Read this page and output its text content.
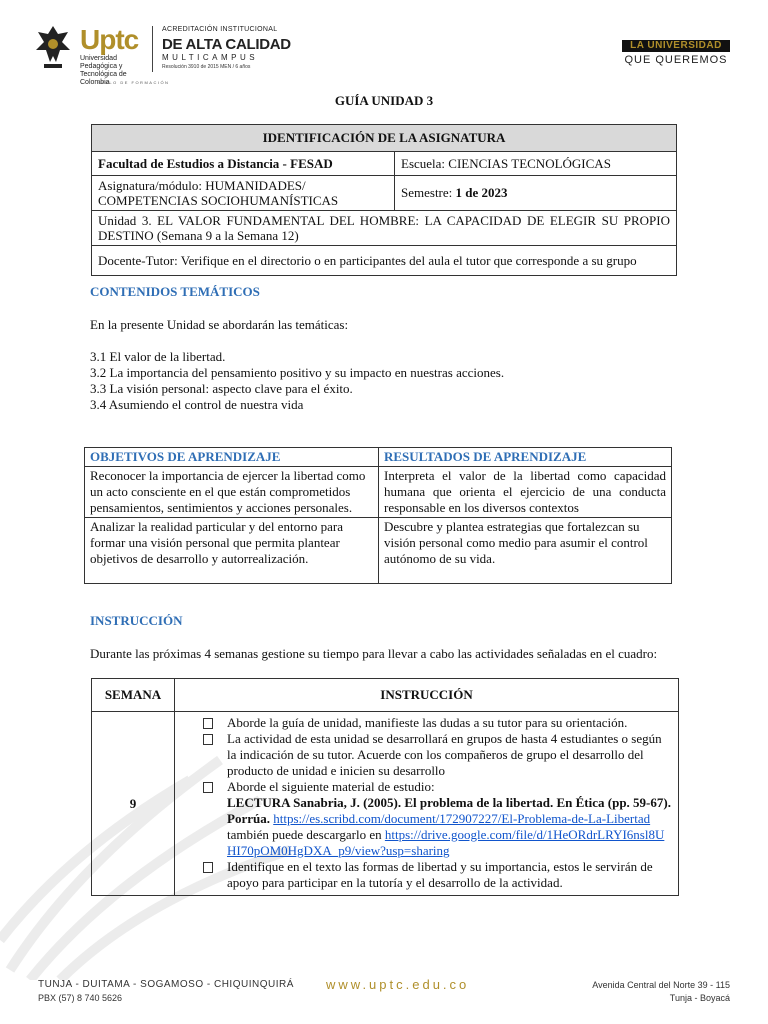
Uptc
Universidad Pedagógica y Tecnológica de Colombia
ACREDITACIÓN INSTITUCIONAL
DE ALTA CALIDAD
MULTICAMPUS
Resolución 3910 de 2015 MEN / 6 años
SIGLO DE FORMACIÓN
LA UNIVERSIDAD
QUE QUEREMOS
GUÍA UNIDAD 3
IDENTIFICACIÓN DE LA ASIGNATURA	
Facultad de Estudios a Distancia - FESAD	Escuela: CIENCIAS TECNOLÓGICAS
Asignatura/módulo: HUMANIDADES/ COMPETENCIAS SOCIOHUMANÍSTICAS	Semestre: 1 de 2023
Unidad 3. EL VALOR FUNDAMENTAL DEL HOMBRE: LA CAPACIDAD DE ELEGIR SU PROPIO DESTINO (Semana 9 a la Semana 12)	
Docente-Tutor: Verifique en el directorio o en participantes del aula el tutor que corresponde a su grupo	
CONTENIDOS TEMÁTICOS
En la presente Unidad se abordarán las temáticas:
3.1 El valor de la libertad.
3.2 La importancia del pensamiento positivo y su impacto en nuestras acciones.
3.3 La visión personal: aspecto clave para el éxito.
3.4 Asumiendo el control de nuestra vida
OBJETIVOS DE APRENDIZAJE	RESULTADOS DE APRENDIZAJE
Reconocer la importancia de ejercer la libertad como un acto consciente en el que están comprometidos pensamientos, sentimientos y acciones personales.	Interpreta el valor de la libertad como capacidad humana que orienta el ejercicio de una conducta responsable en los diversos contextos
Analizar la realidad particular y del entorno para formar una visión personal que permita plantear objetivos de desarrollo y autorrealización.	Descubre y plantea estrategias que fortalezcan su visión personal como medio para asumir el control autónomo de su vida.
INSTRUCCIÓN
Durante las próximas 4 semanas gestione su tiempo para llevar a cabo las actividades señaladas en el cuadro:
SEMANA	INSTRUCCIÓN
9	Aborde la guía de unidad, manifieste las dudas a su tutor para su orientación.
La actividad de esta unidad se desarrollará en grupos de hasta 4 estudiantes o según la indicación de su tutor. Acuerde con los compañeros de grupo el desarrollo del producto de unidad e inicien su desarrollo
Aborde el siguiente material de estudio:
LECTURA Sanabria, J. (2005). El problema de la libertad. En Ética (pp. 59-67). Porrúa. https://es.scribd.com/document/172907227/El-Problema-de-La-Libertad también puede descargarlo en https://drive.google.com/file/d/1HeORdrLRYI6nsl8UHI70pOM0HgDXA_p9/view?usp=sharing
Identifique en el texto las formas de libertad y su importancia, estos le servirán de apoyo para participar en la tutoría y el desarrollo de la actividad.
TUNJA - DUITAMA - SOGAMOSO - CHIQUINQUIRÁ
PBX (57) 8 740 5626
www.uptc.edu.co	Avenida Central del Norte 39 - 115
Tunja - Boyacá
